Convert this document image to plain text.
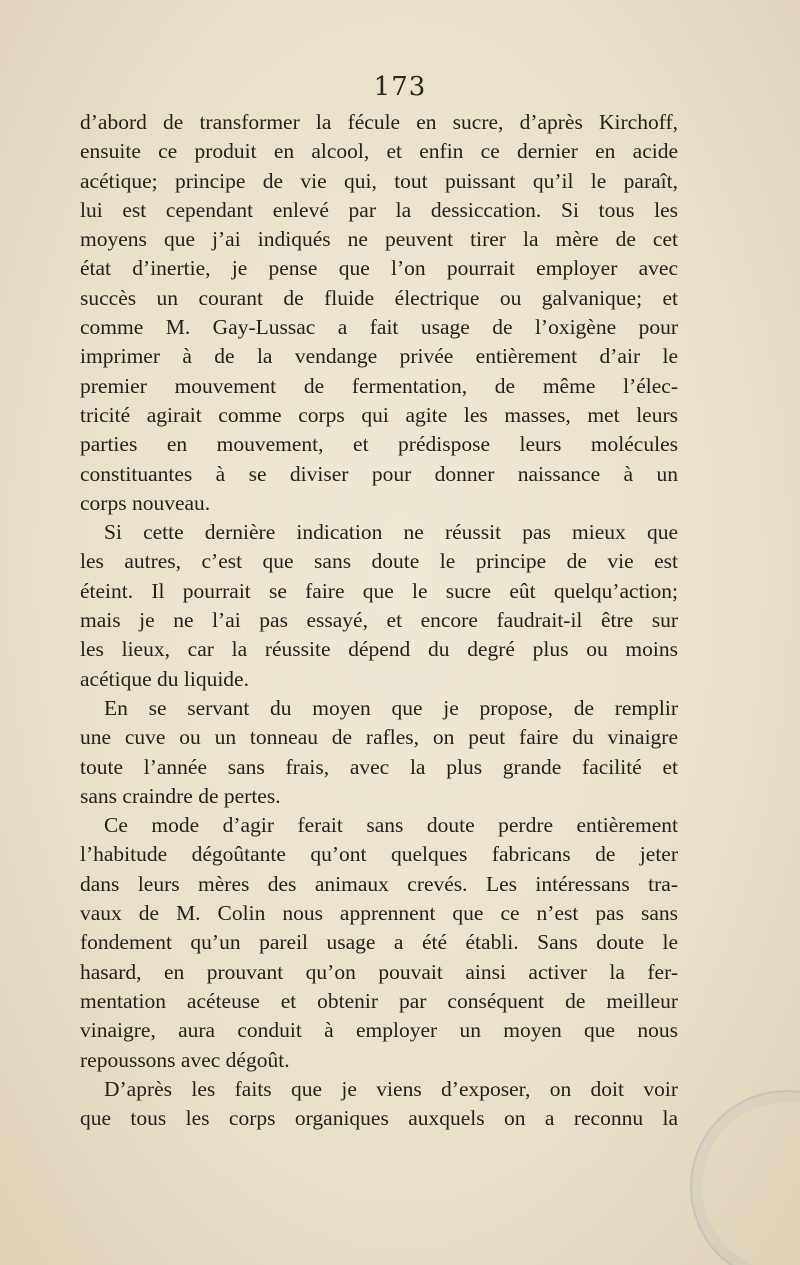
173

d’abord de transformer la fécule en sucre, d’après Kirchoff,

ensuite ce produit en alcool, et enfin ce dernier en acide

acétique; principe de vie qui, tout puissant qu’il le paraît,

lui est cependant enlevé par la dessiccation. Si tous les

moyens que j’ai indiqués ne peuvent tirer la mère de cet

état d’inertie, je pense que l’on pourrait employer avec

succès un courant de fluide électrique ou galvanique; et

comme M. Gay-Lussac a fait usage de l’oxigène pour

imprimer à de la vendange privée entièrement d’air le

premier mouvement de fermentation, de même l’élec-

tricité agirait comme corps qui agite les masses, met leurs

parties en mouvement, et prédispose leurs molécules

constituantes à se diviser pour donner naissance à un

corps nouveau.

Si cette dernière indication ne réussit pas mieux que

les autres, c’est que sans doute le principe de vie est

éteint. Il pourrait se faire que le sucre eût quelqu’action;

mais je ne l’ai pas essayé, et encore faudrait-il être sur

les lieux, car la réussite dépend du degré plus ou moins

acétique du liquide.

En se servant du moyen que je propose, de remplir

une cuve ou un tonneau de rafles, on peut faire du vinaigre

toute l’année sans frais, avec la plus grande facilité et

sans craindre de pertes.

Ce mode d’agir ferait sans doute perdre entièrement

l’habitude dégoûtante qu’ont quelques fabricans de jeter

dans leurs mères des animaux crevés. Les intéressans tra-

vaux de M. Colin nous apprennent que ce n’est pas sans

fondement qu’un pareil usage a été établi. Sans doute le

hasard, en prouvant qu’on pouvait ainsi activer la fer-

mentation acéteuse et obtenir par conséquent de meilleur

vinaigre, aura conduit à employer un moyen que nous

repoussons avec dégoût.

D’après les faits que je viens d’exposer, on doit voir

que tous les corps organiques auxquels on a reconnu la
